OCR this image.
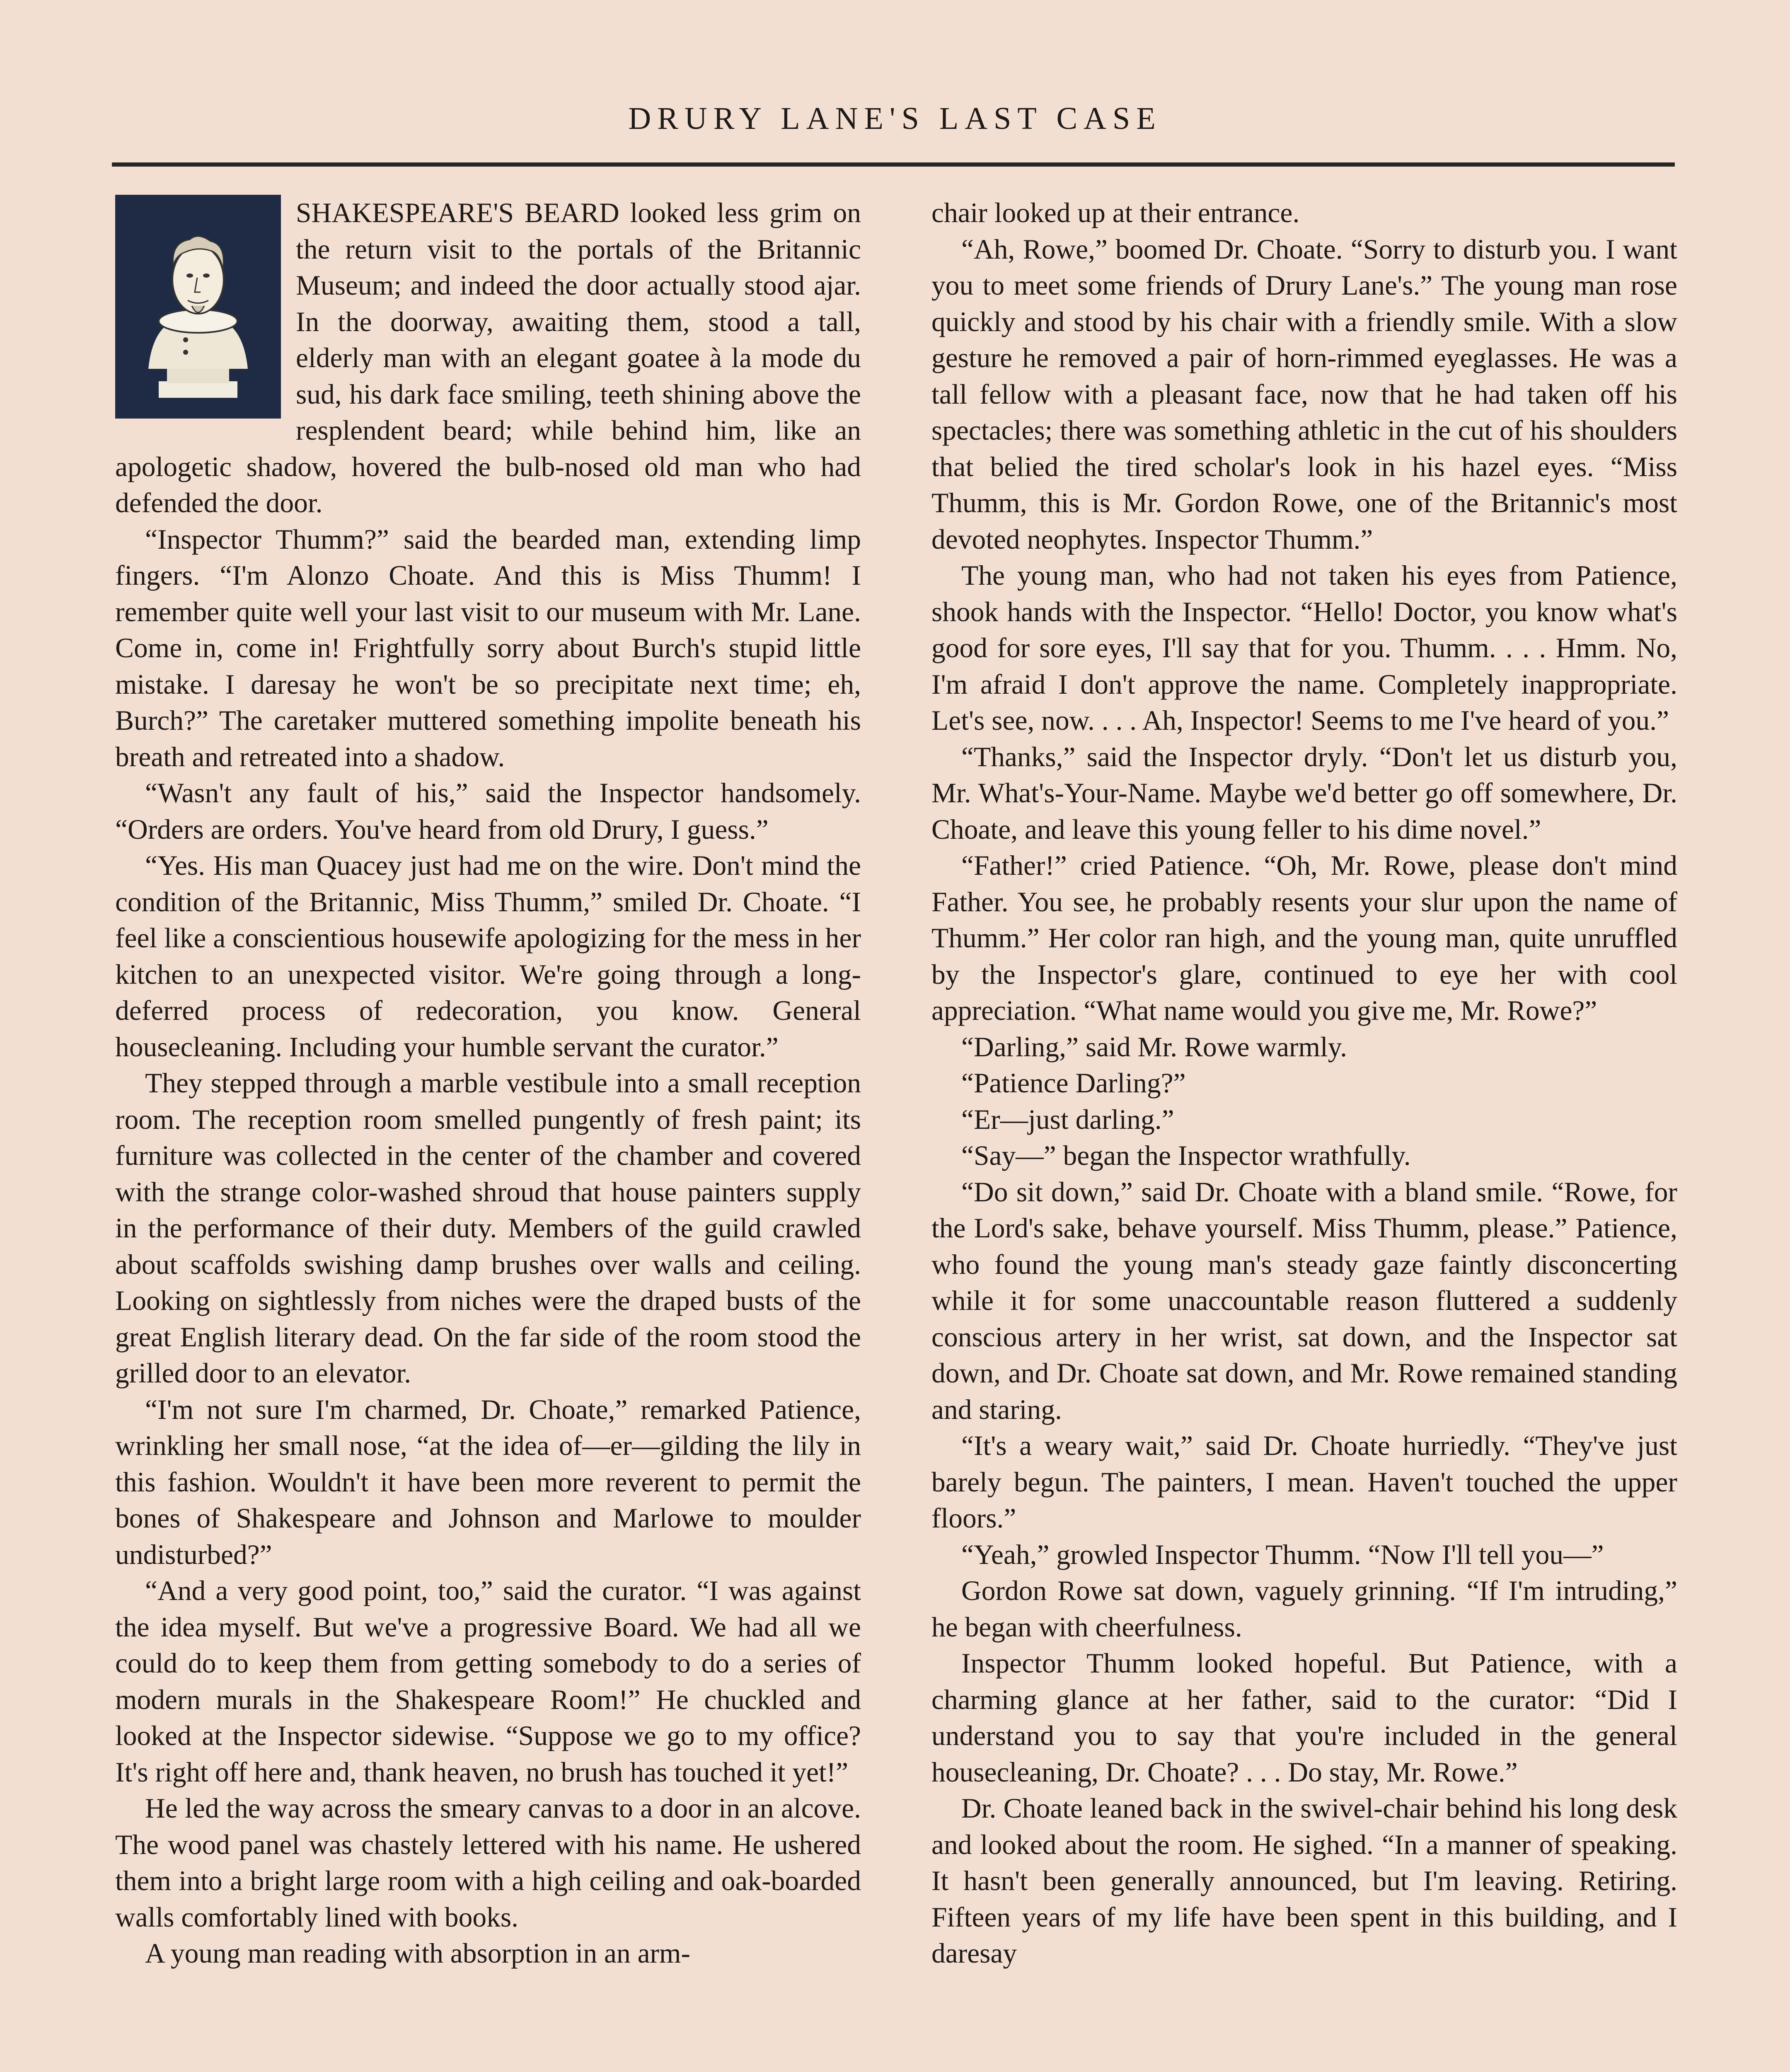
DRURY LANE'S LAST CASE

SHAKESPEARE'S BEARD looked less grim on the return visit to the portals of the Britannic Museum; and indeed the door actually stood ajar. In the doorway, awaiting them, stood a tall, elderly man with an elegant goatee à la mode du sud, his dark face smiling, teeth shining above the resplendent beard; while behind him, like an apologetic shadow, hovered the bulb-nosed old man who had defended the door.

“Inspector Thumm?” said the bearded man, extending limp fingers. “I'm Alonzo Choate. And this is Miss Thumm! I remember quite well your last visit to our museum with Mr. Lane. Come in, come in! Frightfully sorry about Burch's stupid little mistake. I daresay he won't be so precipitate next time; eh, Burch?” The caretaker muttered something impolite beneath his breath and retreated into a shadow.

“Wasn't any fault of his,” said the Inspector handsomely. “Orders are orders. You've heard from old Drury, I guess.”

“Yes. His man Quacey just had me on the wire. Don't mind the condition of the Britannic, Miss Thumm,” smiled Dr. Choate. “I feel like a conscientious housewife apologizing for the mess in her kitchen to an unexpected visitor. We're going through a long-deferred process of redecoration, you know. General housecleaning. Including your humble servant the curator.”

They stepped through a marble vestibule into a small reception room. The reception room smelled pungently of fresh paint; its furniture was collected in the center of the chamber and covered with the strange color-washed shroud that house painters supply in the performance of their duty. Members of the guild crawled about scaffolds swishing damp brushes over walls and ceiling. Looking on sightlessly from niches were the draped busts of the great English literary dead. On the far side of the room stood the grilled door to an elevator.

“I'm not sure I'm charmed, Dr. Choate,” remarked Patience, wrinkling her small nose, “at the idea of—er—gilding the lily in this fashion. Wouldn't it have been more reverent to permit the bones of Shakespeare and Johnson and Marlowe to moulder undisturbed?”

“And a very good point, too,” said the curator. “I was against the idea myself. But we've a progressive Board. We had all we could do to keep them from getting somebody to do a series of modern murals in the Shakespeare Room!” He chuckled and looked at the Inspector sidewise. “Suppose we go to my office? It's right off here and, thank heaven, no brush has touched it yet!”

He led the way across the smeary canvas to a door in an alcove. The wood panel was chastely lettered with his name. He ushered them into a bright large room with a high ceiling and oak-boarded walls comfortably lined with books.

A young man reading with absorption in an arm-

chair looked up at their entrance.

“Ah, Rowe,” boomed Dr. Choate. “Sorry to disturb you. I want you to meet some friends of Drury Lane's.” The young man rose quickly and stood by his chair with a friendly smile. With a slow gesture he removed a pair of horn-rimmed eyeglasses. He was a tall fellow with a pleasant face, now that he had taken off his spectacles; there was something athletic in the cut of his shoulders that belied the tired scholar's look in his hazel eyes. “Miss Thumm, this is Mr. Gordon Rowe, one of the Britannic's most devoted neophytes. Inspector Thumm.”

The young man, who had not taken his eyes from Patience, shook hands with the Inspector. “Hello! Doctor, you know what's good for sore eyes, I'll say that for you. Thumm. . . . Hmm. No, I'm afraid I don't approve the name. Completely inappropriate. Let's see, now. . . . Ah, Inspector! Seems to me I've heard of you.”

“Thanks,” said the Inspector dryly. “Don't let us disturb you, Mr. What's-Your-Name. Maybe we'd better go off somewhere, Dr. Choate, and leave this young feller to his dime novel.”

“Father!” cried Patience. “Oh, Mr. Rowe, please don't mind Father. You see, he probably resents your slur upon the name of Thumm.” Her color ran high, and the young man, quite unruffled by the Inspector's glare, continued to eye her with cool appreciation. “What name would you give me, Mr. Rowe?”

“Darling,” said Mr. Rowe warmly.

“Patience Darling?”

“Er—just darling.”

“Say—” began the Inspector wrathfully.

“Do sit down,” said Dr. Choate with a bland smile. “Rowe, for the Lord's sake, behave yourself. Miss Thumm, please.” Patience, who found the young man's steady gaze faintly disconcerting while it for some unaccountable reason fluttered a suddenly conscious artery in her wrist, sat down, and the Inspector sat down, and Dr. Choate sat down, and Mr. Rowe remained standing and staring.

“It's a weary wait,” said Dr. Choate hurriedly. “They've just barely begun. The painters, I mean. Haven't touched the upper floors.”

“Yeah,” growled Inspector Thumm. “Now I'll tell you—”

Gordon Rowe sat down, vaguely grinning. “If I'm intruding,” he began with cheerfulness.

Inspector Thumm looked hopeful. But Patience, with a charming glance at her father, said to the curator: “Did I understand you to say that you're included in the general housecleaning, Dr. Choate? . . . Do stay, Mr. Rowe.”

Dr. Choate leaned back in the swivel-chair behind his long desk and looked about the room. He sighed. “In a manner of speaking. It hasn't been generally announced, but I'm leaving. Retiring. Fifteen years of my life have been spent in this building, and I daresay
